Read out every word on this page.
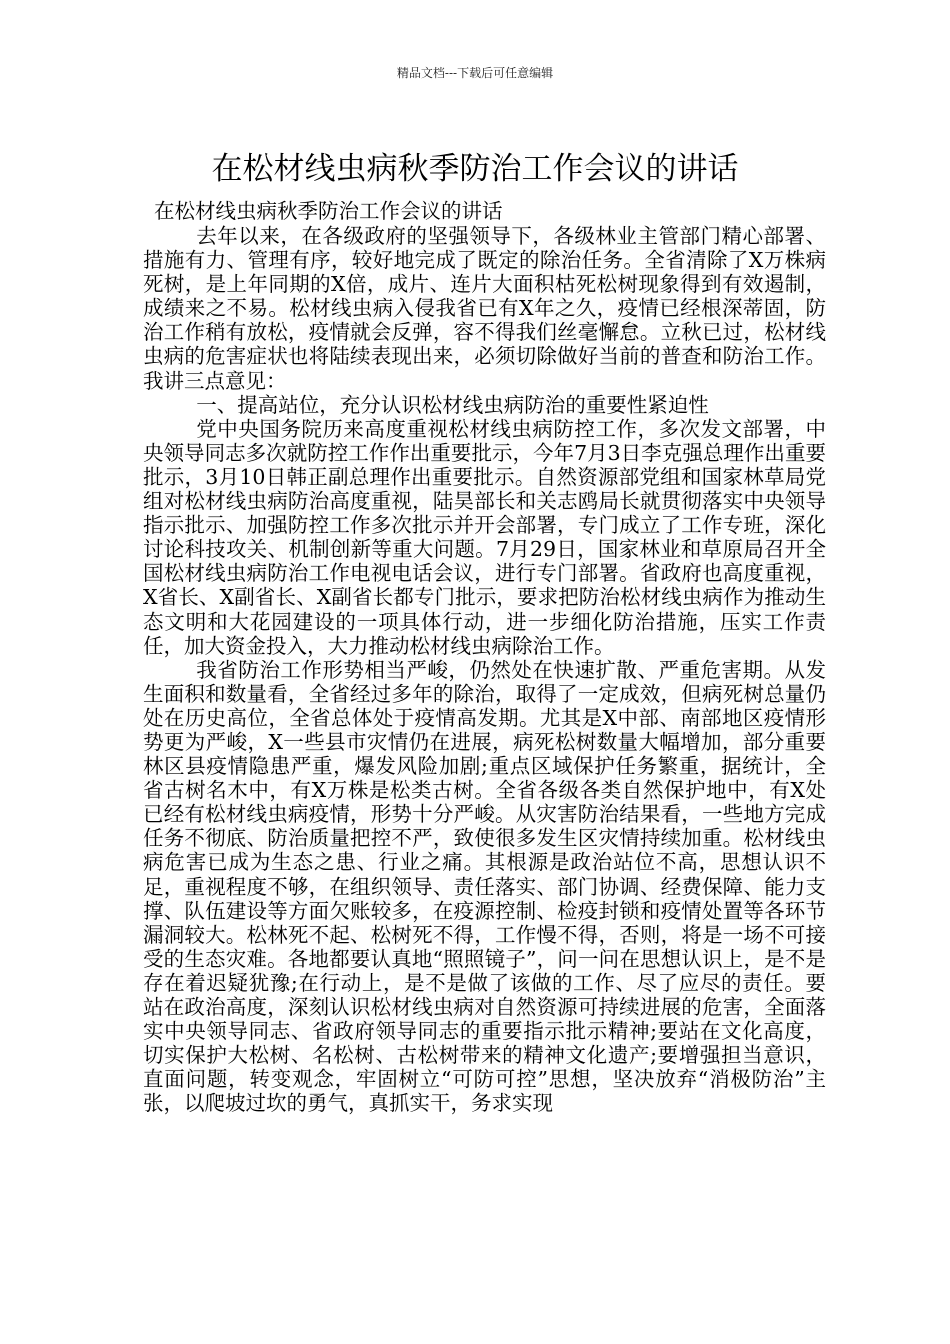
精品文档---下载后可任意编辑
在松材线虫病秋季防治工作会议的讲话
在松材线虫病秋季防治工作会议的讲话

去年以来，在各级政府的坚强领导下，各级林业主管部门精心部署、措施有力、管理有序，较好地完成了既定的除治任务。全省清除了X万株病死树，是上年同期的X倍，成片、连片大面积枯死松树现象得到有效遏制，成绩来之不易。松材线虫病入侵我省已有X年之久，疫情已经根深蒂固，防治工作稍有放松，疫情就会反弹，容不得我们丝毫懈怠。立秋已过，松材线虫病的危害症状也将陆续表现出来，必须切除做好当前的普查和防治工作。我讲三点意见：

一、提高站位，充分认识松材线虫病防治的重要性紧迫性

党中央国务院历来高度重视松材线虫病防控工作，多次发文部署，中央领导同志多次就防控工作作出重要批示，今年7月3日李克强总理作出重要批示，3月10日韩正副总理作出重要批示。自然资源部党组和国家林草局党组对松材线虫病防治高度重视，陆昊部长和关志鸥局长就贯彻落实中央领导指示批示、加强防控工作多次批示并开会部署，专门成立了工作专班，深化讨论科技攻关、机制创新等重大问题。7月29日，国家林业和草原局召开全国松材线虫病防治工作电视电话会议，进行专门部署。省政府也高度重视，X省长、X副省长、X副省长都专门批示，要求把防治松材线虫病作为推动生态文明和大花园建设的一项具体行动，进一步细化防治措施，压实工作责任，加大资金投入，大力推动松材线虫病除治工作。

我省防治工作形势相当严峻，仍然处在快速扩散、严重危害期。从发生面积和数量看，全省经过多年的除治，取得了一定成效，但病死树总量仍处在历史高位，全省总体处于疫情高发期。尤其是X中部、南部地区疫情形势更为严峻，X一些县市灾情仍在进展，病死松树数量大幅增加，部分重要林区县疫情隐患严重，爆发风险加剧;重点区域保护任务繁重，据统计，全省古树名木中，有X万株是松类古树。全省各级各类自然保护地中，有X处已经有松材线虫病疫情，形势十分严峻。从灾害防治结果看，一些地方完成任务不彻底、防治质量把控不严，致使很多发生区灾情持续加重。松材线虫病危害已成为生态之患、行业之痛。其根源是政治站位不高，思想认识不足，重视程度不够，在组织领导、责任落实、部门协调、经费保障、能力支撑、队伍建设等方面欠账较多，在疫源控制、检疫封锁和疫情处置等各环节漏洞较大。松林死不起、松树死不得，工作慢不得，否则，将是一场不可接受的生态灾难。各地都要认真地“照照镜子”，问一问在思想认识上，是不是存在着迟疑犹豫;在行动上，是不是做了该做的工作、尽了应尽的责任。要站在政治高度，深刻认识松材线虫病对自然资源可持续进展的危害，全面落实中央领导同志、省政府领导同志的重要指示批示精神;要站在文化高度，切实保护大松树、名松树、古松树带来的精神文化遗产;要增强担当意识，直面问题，转变观念，牢固树立“可防可控”思想，坚决放弃“消极防治”主张，以爬坡过坎的勇气，真抓实干，务求实现
